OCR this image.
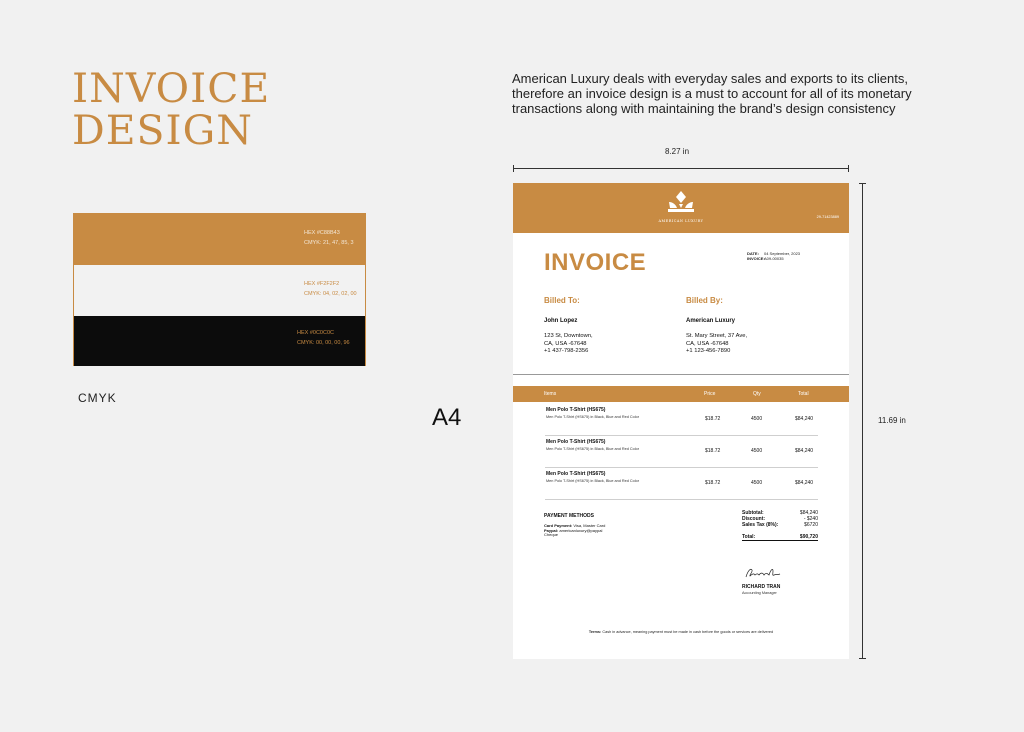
INVOICE
DESIGN
HEX #C88B43
CMYK: 21, 47, 85, 3
HEX #F2F2F2
CMYK: 04, 02, 02, 00
HEX #0C0C0C
CMYK: 00, 00, 00, 96
CMYK
A4
American Luxury deals with everyday sales and exports to its clients, therefore an invoice design is a must to account for all of its monetary transactions along with maintaining the brand’s design consistency
8.27 in
11.69 in
AMERICAN LUXURY
29-71423889
INVOICE	DATE: 04 September, 2023
INVOICE:A09-00035
Billed To:
John Lopez
123 St, Downtown,
CA, USA -67648
+1 437-798-2356
Billed By:
American Luxury
St. Mary Street, 37 Ave,
CA, USA -67648
+1 123-456-7890
Items	Price	Qty	Total
Men Polo T-Shirt (HS675)
Men Polo T-Shirt (HS675) in Black, Blue and Red Color	$18.72	4500	$84,240
Men Polo T-Shirt (HS675)
Men Polo T-Shirt (HS675) in Black, Blue and Red Color	$18.72	4500	$84,240
Men Polo T-Shirt (HS675)
Men Polo T-Shirt (HS675) in Black, Blue and Red Color	$18.72	4500	$84,240
PAYMENT METHODS
Card Payment: Visa, Master Card
Paypal: americanluxury@paypal
Cheque
Subtotal:	$84,240
Discount:	- $240
Sales Tax (8%):	$6720
Total:	$90,720
RICHARD TRAN
Accounting Manager
Terms: Cash in advance, meaning payment must be made in cash before the goods or services are delivered
